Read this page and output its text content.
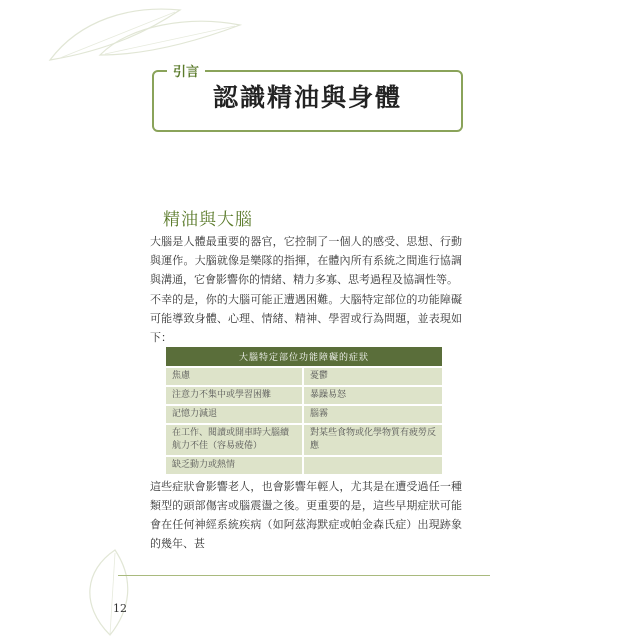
引言
認識精油與身體
精油與大腦
大腦是人體最重要的器官，它控制了一個人的感受、思想、行動與運作。大腦就像是樂隊的指揮，在體內所有系統之間進行協調與溝通，它會影響你的情緒、精力多寡、思考過程及協調性等。
不幸的是，你的大腦可能正遭遇困難。大腦特定部位的功能障礙可能導致身體、心理、情緒、精神、學習或行為問題，並表現如下：
大腦特定部位功能障礙的症狀	
焦慮	憂鬱
注意力不集中或學習困難	暴躁易怒
記憶力減退	腦霧
在工作、閱讀或開車時大腦續航力不佳（容易疲倦）	對某些食物或化學物質有疲勞反應
缺乏動力或熱情	
這些症狀會影響老人，也會影響年輕人，尤其是在遭受過任一種類型的頭部傷害或腦震盪之後。更重要的是，這些早期症狀可能會在任何神經系統疾病（如阿茲海默症或帕金森氏症）出現跡象的幾年、甚
12
